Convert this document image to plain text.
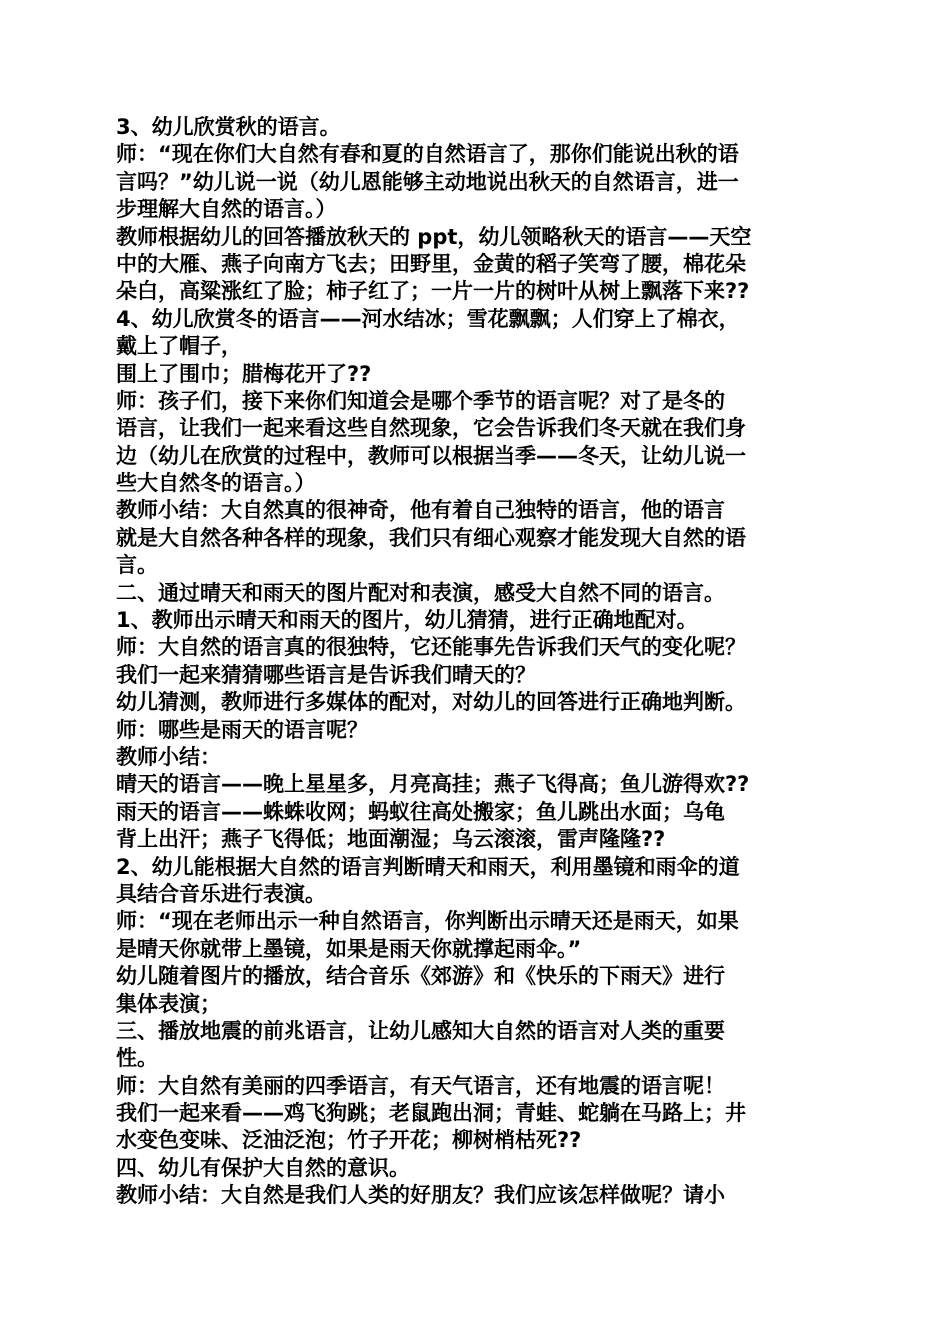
3、幼儿欣赏秋的语言。
师：“现在你们大自然有春和夏的自然语言了，那你们能说出秋的语
言吗？”幼儿说一说（幼儿恩能够主动地说出秋天的自然语言，进一
步理解大自然的语言。）
教师根据幼儿的回答播放秋天的 ppt，幼儿领略秋天的语言——天空
中的大雁、燕子向南方飞去；田野里，金黄的稻子笑弯了腰，棉花朵
朵白，高粱涨红了脸；柿子红了；一片一片的树叶从树上飘落下来??
4、幼儿欣赏冬的语言——河水结冰；雪花飘飘；人们穿上了棉衣，
戴上了帽子，
围上了围巾；腊梅花开了??
师：孩子们，接下来你们知道会是哪个季节的语言呢？对了是冬的
语言，让我们一起来看这些自然现象，它会告诉我们冬天就在我们身
边（幼儿在欣赏的过程中，教师可以根据当季——冬天，让幼儿说一
些大自然冬的语言。）
教师小结：大自然真的很神奇，他有着自己独特的语言，他的语言
就是大自然各种各样的现象，我们只有细心观察才能发现大自然的语
言。
二、通过晴天和雨天的图片配对和表演，感受大自然不同的语言。
1、教师出示晴天和雨天的图片，幼儿猜猜，进行正确地配对。
师：大自然的语言真的很独特，它还能事先告诉我们天气的变化呢？
我们一起来猜猜哪些语言是告诉我们晴天的？
幼儿猜测，教师进行多媒体的配对，对幼儿的回答进行正确地判断。
师：哪些是雨天的语言呢？
教师小结：
晴天的语言——晚上星星多，月亮高挂；燕子飞得高；鱼儿游得欢??
雨天的语言——蛛蛛收网；蚂蚁往高处搬家；鱼儿跳出水面；乌龟
背上出汗；燕子飞得低；地面潮湿；乌云滚滚，雷声隆隆??
2、幼儿能根据大自然的语言判断晴天和雨天，利用墨镜和雨伞的道
具结合音乐进行表演。
师：“现在老师出示一种自然语言，你判断出示晴天还是雨天，如果
是晴天你就带上墨镜，如果是雨天你就撑起雨伞。”
幼儿随着图片的播放，结合音乐《郊游》和《快乐的下雨天》进行
集体表演；
三、播放地震的前兆语言，让幼儿感知大自然的语言对人类的重要
性。
师：大自然有美丽的四季语言，有天气语言，还有地震的语言呢！
我们一起来看——鸡飞狗跳；老鼠跑出洞；青蛙、蛇躺在马路上；井
水变色变味、泛油泛泡；竹子开花；柳树梢枯死??
四、幼儿有保护大自然的意识。
教师小结：大自然是我们人类的好朋友？我们应该怎样做呢？请小
